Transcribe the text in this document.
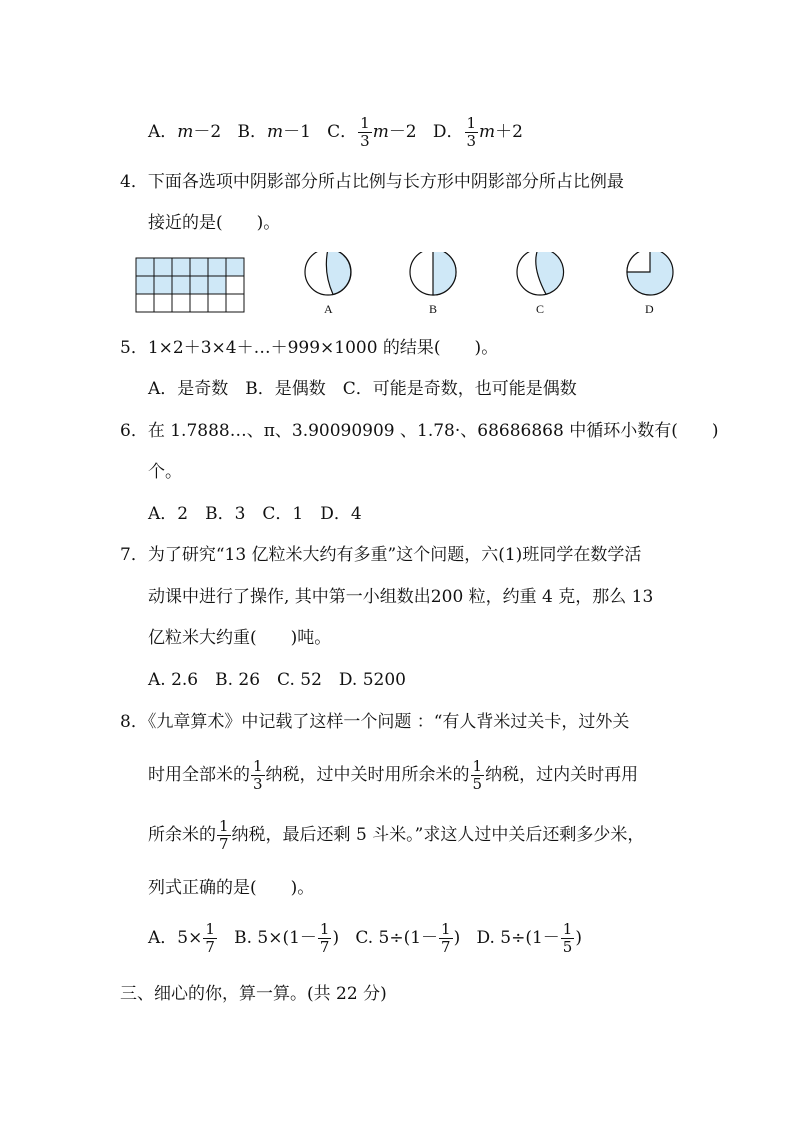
A．m－2 B．m－1 C． $\frac{1}{3} m-2$ D． $\frac{1}{3} m+2$
4．下面各选项中阴影部分所占比例与长方形中阴影部分所占比例最
接近的是(　　)。
A	B	C	D
5．1×2＋3×4＋…＋999×1000 的结果(　　)。
A．是奇数　B．是偶数　C．可能是奇数，也可能是偶数
6．在 1.7888…、π、3.90090909 、1.78·、68686868 中循环小数有(　　)
个。
A．2　B．3　C．1　D．4
7．为了研究“13 亿粒米大约有多重”这个问题，六(1)班同学在数学活
动课中进行了操作, 其中第一小组数出200 粒，约重 4 克，那么 13
亿粒米大约重(　　)吨。
A. 2.6　B. 26　C. 52　D. 5200
8．《九章算术》中记载了这样一个问题 ：“有人背米过关卡，过外关
时用全部米的 $\frac{1}{3}$ 纳税，过中关时用所余米的 $\frac{1}{5}$ 纳税，过内关时再用
所余米的 $\frac{1}{7}$ 纳税，最后还剩 5 斗米。”求这人过中关后还剩多少米，
列式正确的是(　　)。
A．$5\times \frac{1}{7} B$. $5\times(1- \frac{1}{7}$ ) C. $5\div(1- \frac{1}{7}$ ) D. $5\div(1- \frac{1}{5}$ )
三、细心的你，算一算。(共 22 分)
